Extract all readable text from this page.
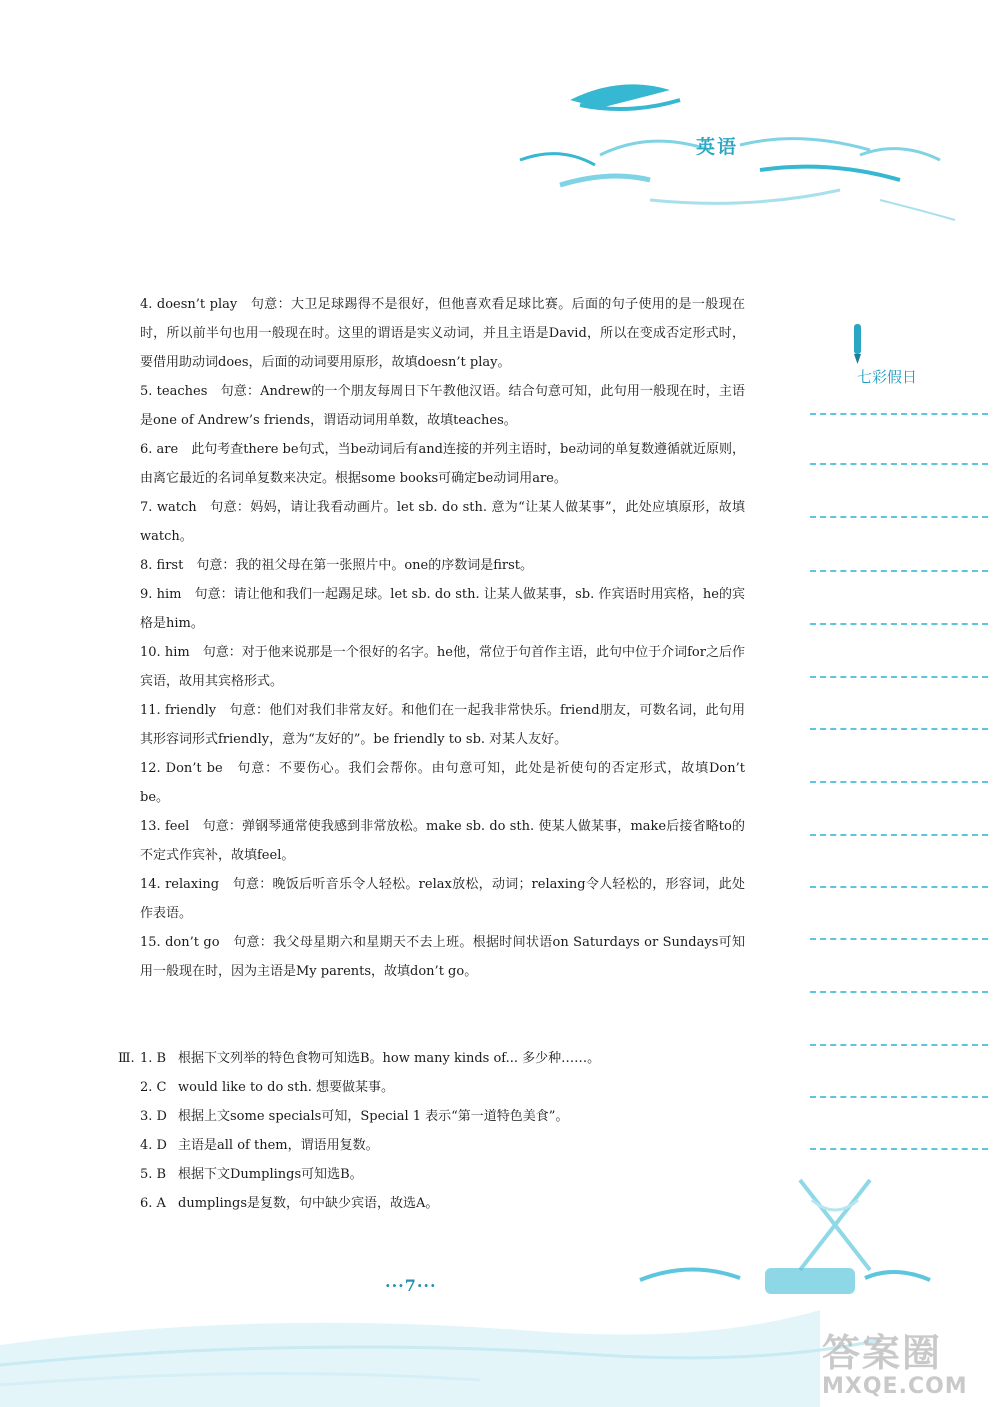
英语
七彩假日

4. doesn’t play　句意：大卫足球踢得不是很好，但他喜欢看足球比赛。后面的句子使用的是一般现在时，所以前半句也用一般现在时。这里的谓语是实义动词，并且主语是David，所以在变成否定形式时，要借用助动词does，后面的动词要用原形，故填doesn’t play。

5. teaches　句意：Andrew的一个朋友每周日下午教他汉语。结合句意可知，此句用一般现在时，主语是one of Andrew’s friends，谓语动词用单数，故填teaches。

6. are　此句考查there be句式，当be动词后有and连接的并列主语时，be动词的单复数遵循就近原则，由离它最近的名词单复数来决定。根据some books可确定be动词用are。

7. watch　句意：妈妈，请让我看动画片。let sb. do sth. 意为“让某人做某事”，此处应填原形，故填watch。

8. first　句意：我的祖父母在第一张照片中。one的序数词是first。

9. him　句意：请让他和我们一起踢足球。let sb. do sth. 让某人做某事，sb. 作宾语时用宾格，he的宾格是him。

10. him　句意：对于他来说那是一个很好的名字。he他，常位于句首作主语，此句中位于介词for之后作宾语，故用其宾格形式。

11. friendly　句意：他们对我们非常友好。和他们在一起我非常快乐。friend朋友，可数名词，此句用其形容词形式friendly，意为“友好的”。be friendly to sb. 对某人友好。

12. Don’t be　句意：不要伤心。我们会帮你。由句意可知，此处是祈使句的否定形式，故填Don’t be。

13. feel　句意：弹钢琴通常使我感到非常放松。make sb. do sth. 使某人做某事，make后接省略to的不定式作宾补，故填feel。

14. relaxing　句意：晚饭后听音乐令人轻松。relax放松，动词；relaxing令人轻松的，形容词，此处作表语。

15. don’t go　句意：我父母星期六和星期天不去上班。根据时间状语on Saturdays or Sundays可知用一般现在时，因为主语是My parents，故填don’t go。

Ⅲ. 1. B 根据下文列举的特色食物可知选B。how many kinds of... 多少种……。
2. C would like to do sth. 想要做某事。
3. D 根据上文some specials可知，Special 1 表示“第一道特色美食”。
4. D 主语是all of them，谓语用复数。
5. B 根据下文Dumplings可知选B。
6. A dumplings是复数，句中缺少宾语，故选A。
···7···
答案圈
MXQE.COM
